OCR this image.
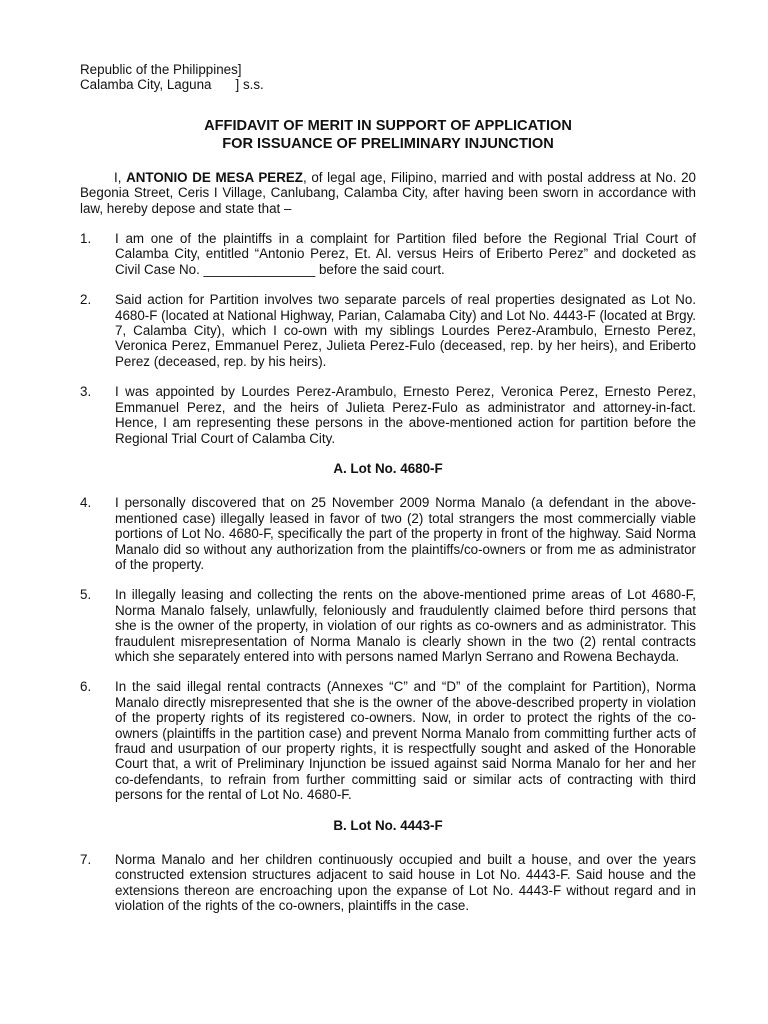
Republic of the Philippines]
Calamba City, Laguna ] s.s.
AFFIDAVIT OF MERIT IN SUPPORT OF APPLICATION
FOR ISSUANCE OF PRELIMINARY INJUNCTION

I, ANTONIO DE MESA PEREZ, of legal age, Filipino, married and with postal address at No. 20 Begonia Street, Ceris I Village, Canlubang, Calamba City, after having been sworn in accordance with law, hereby depose and state that –

1.	I am one of the plaintiffs in a complaint for Partition filed before the Regional Trial Court of Calamba City, entitled “Antonio Perez, Et. Al. versus Heirs of Eriberto Perez” and docketed as Civil Case No. _______________ before the said court.
2.	Said action for Partition involves two separate parcels of real properties designated as Lot No. 4680-F (located at National Highway, Parian, Calamaba City) and Lot No. 4443-F (located at Brgy. 7, Calamba City), which I co-own with my siblings Lourdes Perez-Arambulo, Ernesto Perez, Veronica Perez, Emmanuel Perez, Julieta Perez-Fulo (deceased, rep. by her heirs), and Eriberto Perez (deceased, rep. by his heirs).
3.	I was appointed by Lourdes Perez-Arambulo, Ernesto Perez, Veronica Perez, Ernesto Perez, Emmanuel Perez, and the heirs of Julieta Perez-Fulo as administrator and attorney-in-fact. Hence, I am representing these persons in the above-mentioned action for partition before the Regional Trial Court of Calamba City.
A. Lot No. 4680-F
4.	I personally discovered that on 25 November 2009 Norma Manalo (a defendant in the above-mentioned case) illegally leased in favor of two (2) total strangers the most commercially viable portions of Lot No. 4680-F, specifically the part of the property in front of the highway. Said Norma Manalo did so without any authorization from the plaintiffs/co-owners or from me as administrator of the property.
5.	In illegally leasing and collecting the rents on the above-mentioned prime areas of Lot 4680-F, Norma Manalo falsely, unlawfully, feloniously and fraudulently claimed before third persons that she is the owner of the property, in violation of our rights as co-owners and as administrator. This fraudulent misrepresentation of Norma Manalo is clearly shown in the two (2) rental contracts which she separately entered into with persons named Marlyn Serrano and Rowena Bechayda.
6.	In the said illegal rental contracts (Annexes “C” and “D” of the complaint for Partition), Norma Manalo directly misrepresented that she is the owner of the above-described property in violation of the property rights of its registered co-owners. Now, in order to protect the rights of the co-owners (plaintiffs in the partition case) and prevent Norma Manalo from committing further acts of fraud and usurpation of our property rights, it is respectfully sought and asked of the Honorable Court that, a writ of Preliminary Injunction be issued against said Norma Manalo for her and her co-defendants, to refrain from further committing said or similar acts of contracting with third persons for the rental of Lot No. 4680-F.
B. Lot No. 4443-F
7.	Norma Manalo and her children continuously occupied and built a house, and over the years constructed extension structures adjacent to said house in Lot No. 4443-F. Said house and the extensions thereon are encroaching upon the expanse of Lot No. 4443-F without regard and in violation of the rights of the co-owners, plaintiffs in the case.
